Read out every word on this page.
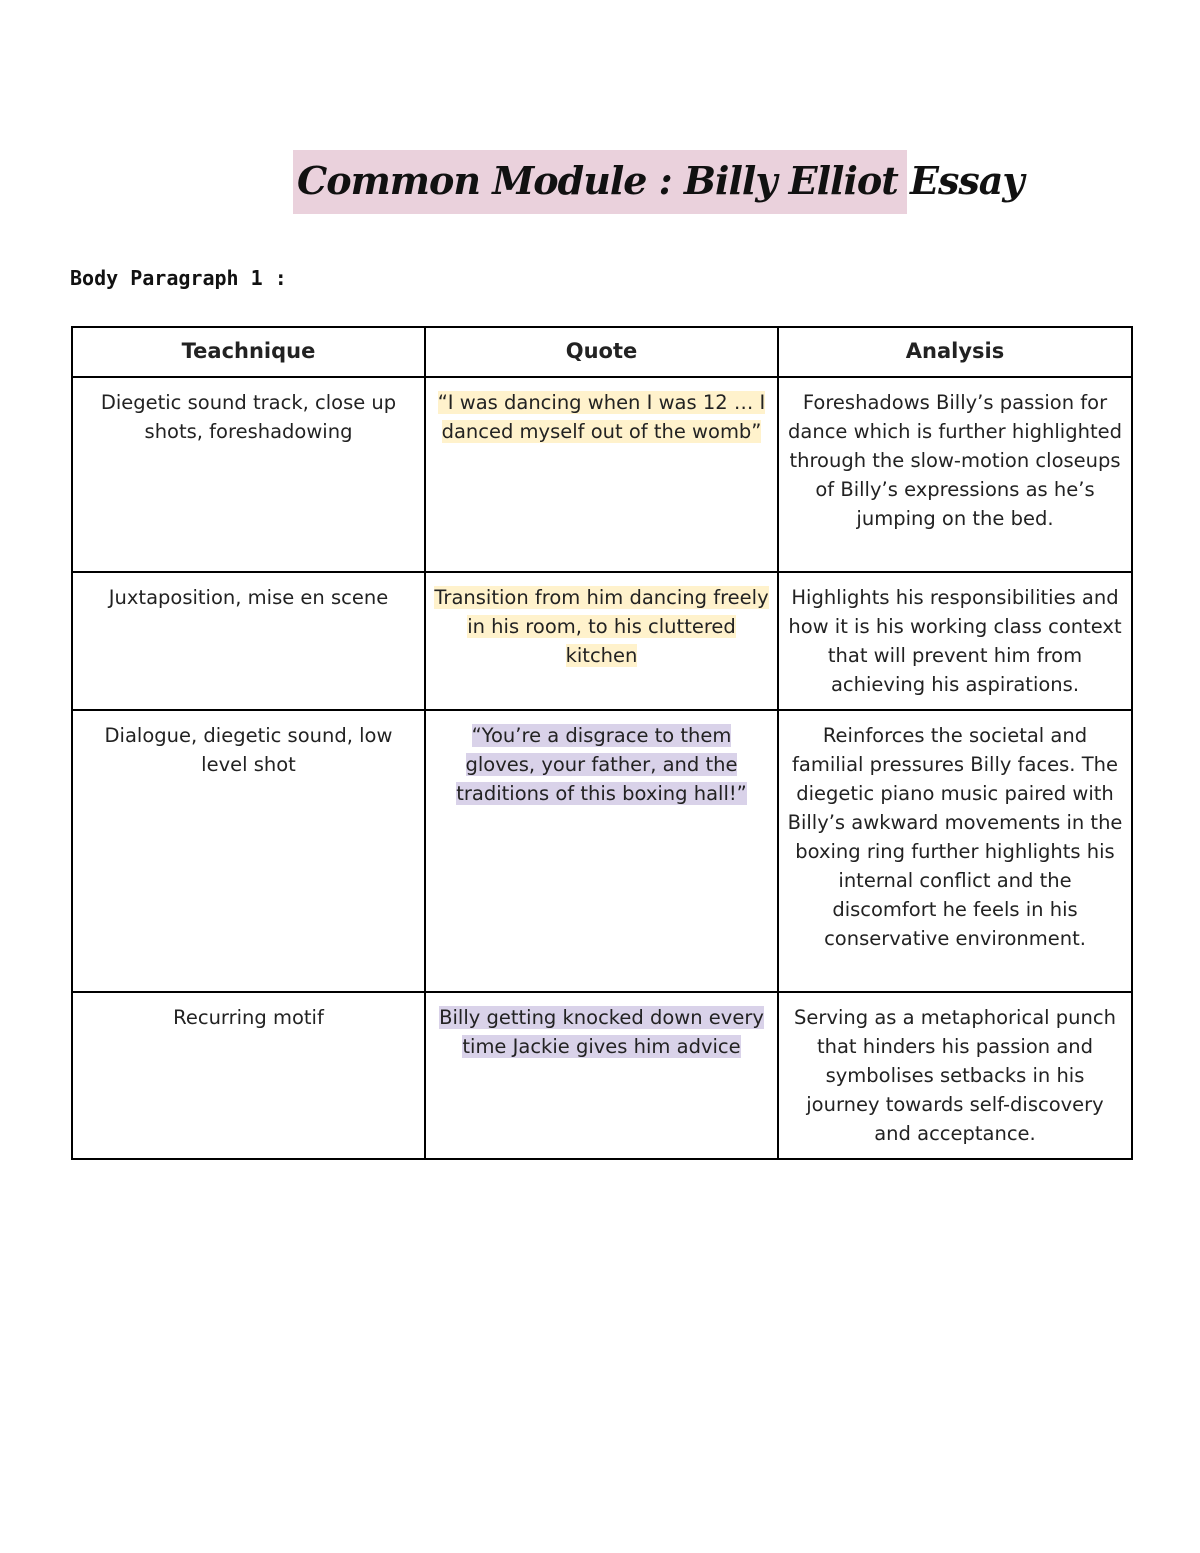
Common Module : Billy Elliot Essay
Body Paragraph 1 :
Teachnique	Quote	Analysis
Diegetic sound track, close up shots, foreshadowing	“I was dancing when I was 12 … I danced myself out of the womb”	Foreshadows Billy’s passion for dance which is further highlighted through the slow-motion closeups of Billy’s expressions as he’s jumping on the bed.
Juxtaposition, mise en scene	Transition from him dancing freely in his room, to his cluttered kitchen	Highlights his responsibilities and how it is his working class context that will prevent him from achieving his aspirations.
Dialogue, diegetic sound, low level shot	“You’re a disgrace to them gloves, your father, and the traditions of this boxing hall!”	Reinforces the societal and familial pressures Billy faces. The diegetic piano music paired with Billy’s awkward movements in the boxing ring further highlights his internal conflict and the discomfort he feels in his conservative environment.
Recurring motif	Billy getting knocked down every time Jackie gives him advice	Serving as a metaphorical punch that hinders his passion and symbolises setbacks in his journey towards self-discovery and acceptance.
